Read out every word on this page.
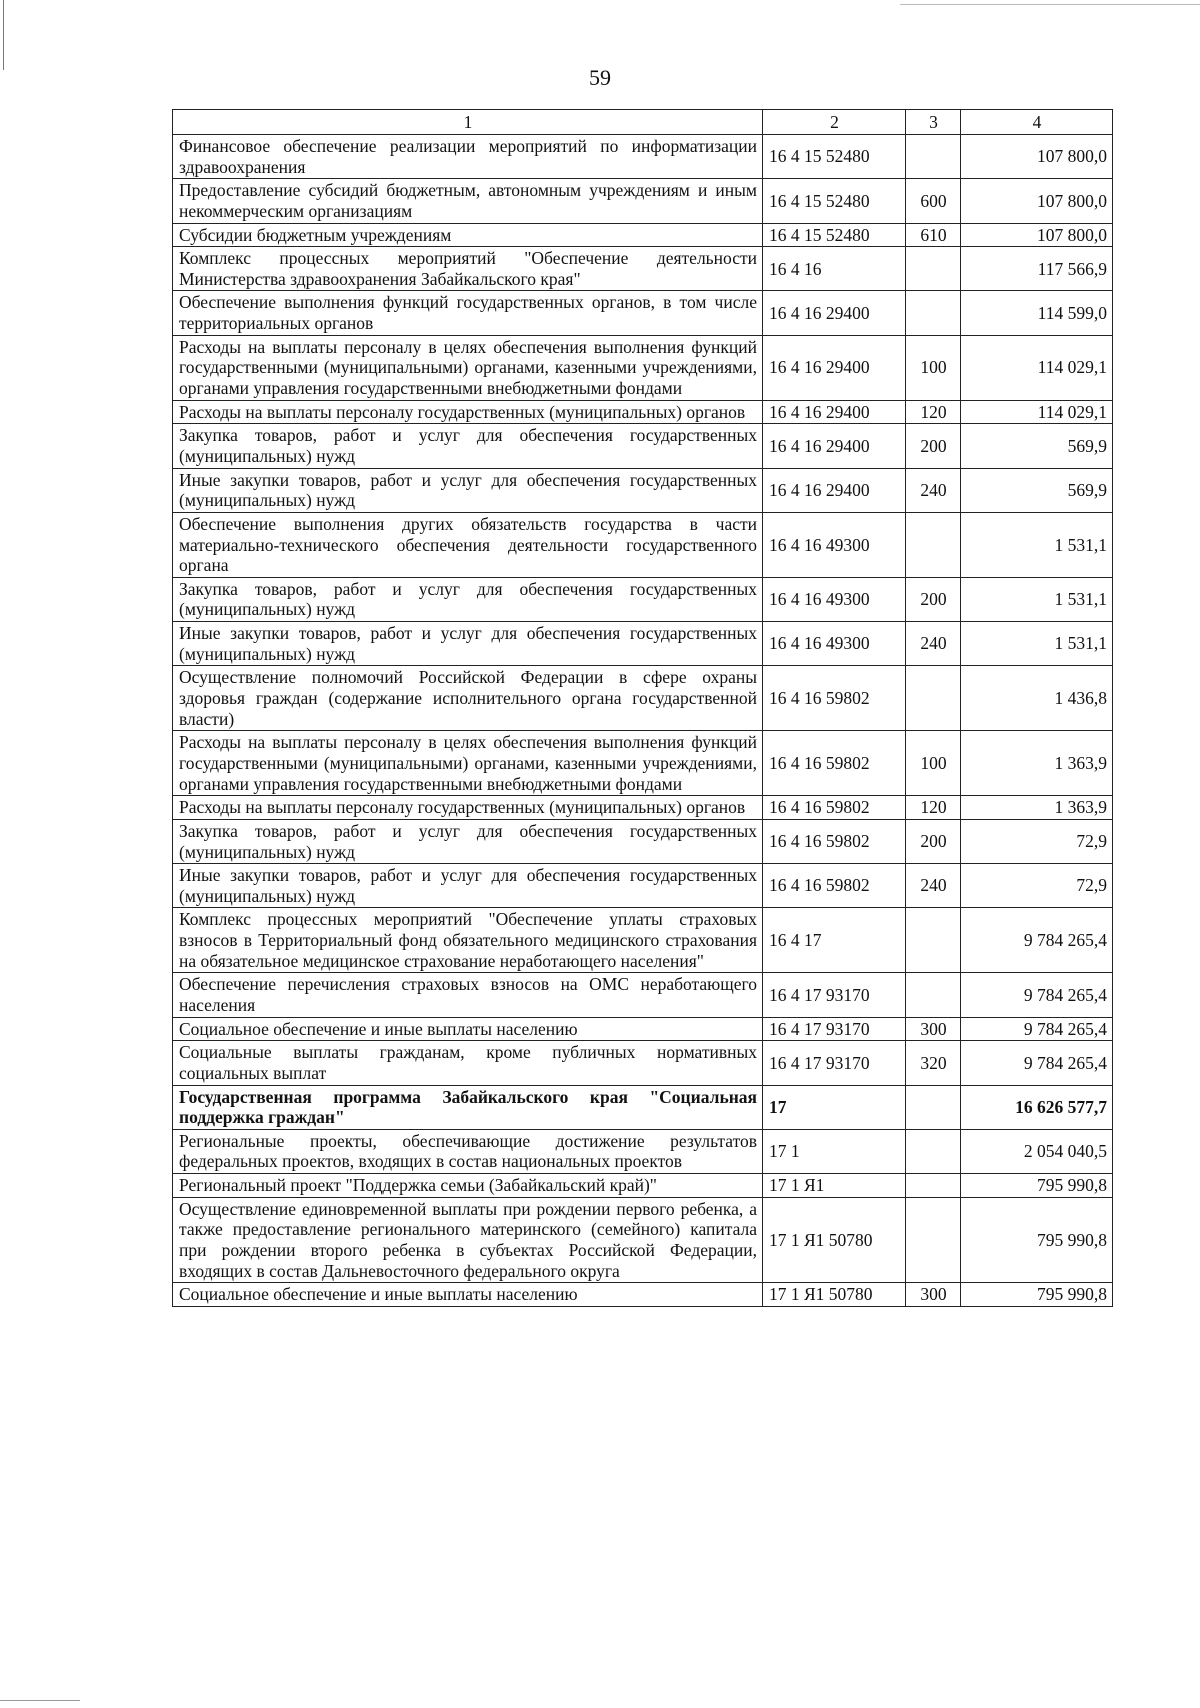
59
1	2	3	4
Финансовое обеспечение реализации мероприятий по информатизации здравоохранения	16 4 15 52480		107 800,0
Предоставление субсидий бюджетным, автономным учреждениям и иным некоммерческим организациям	16 4 15 52480	600	107 800,0
Субсидии бюджетным учреждениям	16 4 15 52480	610	107 800,0
Комплекс процессных мероприятий "Обеспечение деятельности Министерства здравоохранения Забайкальского края"	16 4 16		117 566,9
Обеспечение выполнения функций государственных органов, в том числе территориальных органов	16 4 16 29400		114 599,0
Расходы на выплаты персоналу в целях обеспечения выполнения функций государственными (муниципальными) органами, казенными учреждениями, органами управления государственными внебюджетными фондами	16 4 16 29400	100	114 029,1
Расходы на выплаты персоналу государственных (муниципальных) органов	16 4 16 29400	120	114 029,1
Закупка товаров, работ и услуг для обеспечения государственных (муниципальных) нужд	16 4 16 29400	200	569,9
Иные закупки товаров, работ и услуг для обеспечения государственных (муниципальных) нужд	16 4 16 29400	240	569,9
Обеспечение выполнения других обязательств государства в части материально-технического обеспечения деятельности государственного органа	16 4 16 49300		1 531,1
Закупка товаров, работ и услуг для обеспечения государственных (муниципальных) нужд	16 4 16 49300	200	1 531,1
Иные закупки товаров, работ и услуг для обеспечения государственных (муниципальных) нужд	16 4 16 49300	240	1 531,1
Осуществление полномочий Российской Федерации в сфере охраны здоровья граждан (содержание исполнительного органа государственной власти)	16 4 16 59802		1 436,8
Расходы на выплаты персоналу в целях обеспечения выполнения функций государственными (муниципальными) органами, казенными учреждениями, органами управления государственными внебюджетными фондами	16 4 16 59802	100	1 363,9
Расходы на выплаты персоналу государственных (муниципальных) органов	16 4 16 59802	120	1 363,9
Закупка товаров, работ и услуг для обеспечения государственных (муниципальных) нужд	16 4 16 59802	200	72,9
Иные закупки товаров, работ и услуг для обеспечения государственных (муниципальных) нужд	16 4 16 59802	240	72,9
Комплекс процессных мероприятий "Обеспечение уплаты страховых взносов в Территориальный фонд обязательного медицинского страхования на обязательное медицинское страхование неработающего населения"	16 4 17		9 784 265,4
Обеспечение перечисления страховых взносов на ОМС неработающего населения	16 4 17 93170		9 784 265,4
Социальное обеспечение и иные выплаты населению	16 4 17 93170	300	9 784 265,4
Социальные выплаты гражданам, кроме публичных нормативных социальных выплат	16 4 17 93170	320	9 784 265,4
Государственная программа Забайкальского края "Социальная поддержка граждан"	17		16 626 577,7
Региональные проекты, обеспечивающие достижение результатов федеральных проектов, входящих в состав национальных проектов	17 1		2 054 040,5
Региональный проект "Поддержка семьи (Забайкальский край)"	17 1 Я1		795 990,8
Осуществление единовременной выплаты при рождении первого ребенка, а также предоставление регионального материнского (семейного) капитала при рождении второго ребенка в субъектах Российской Федерации, входящих в состав Дальневосточного федерального округа	17 1 Я1 50780		795 990,8
Социальное обеспечение и иные выплаты населению	17 1 Я1 50780	300	795 990,8
